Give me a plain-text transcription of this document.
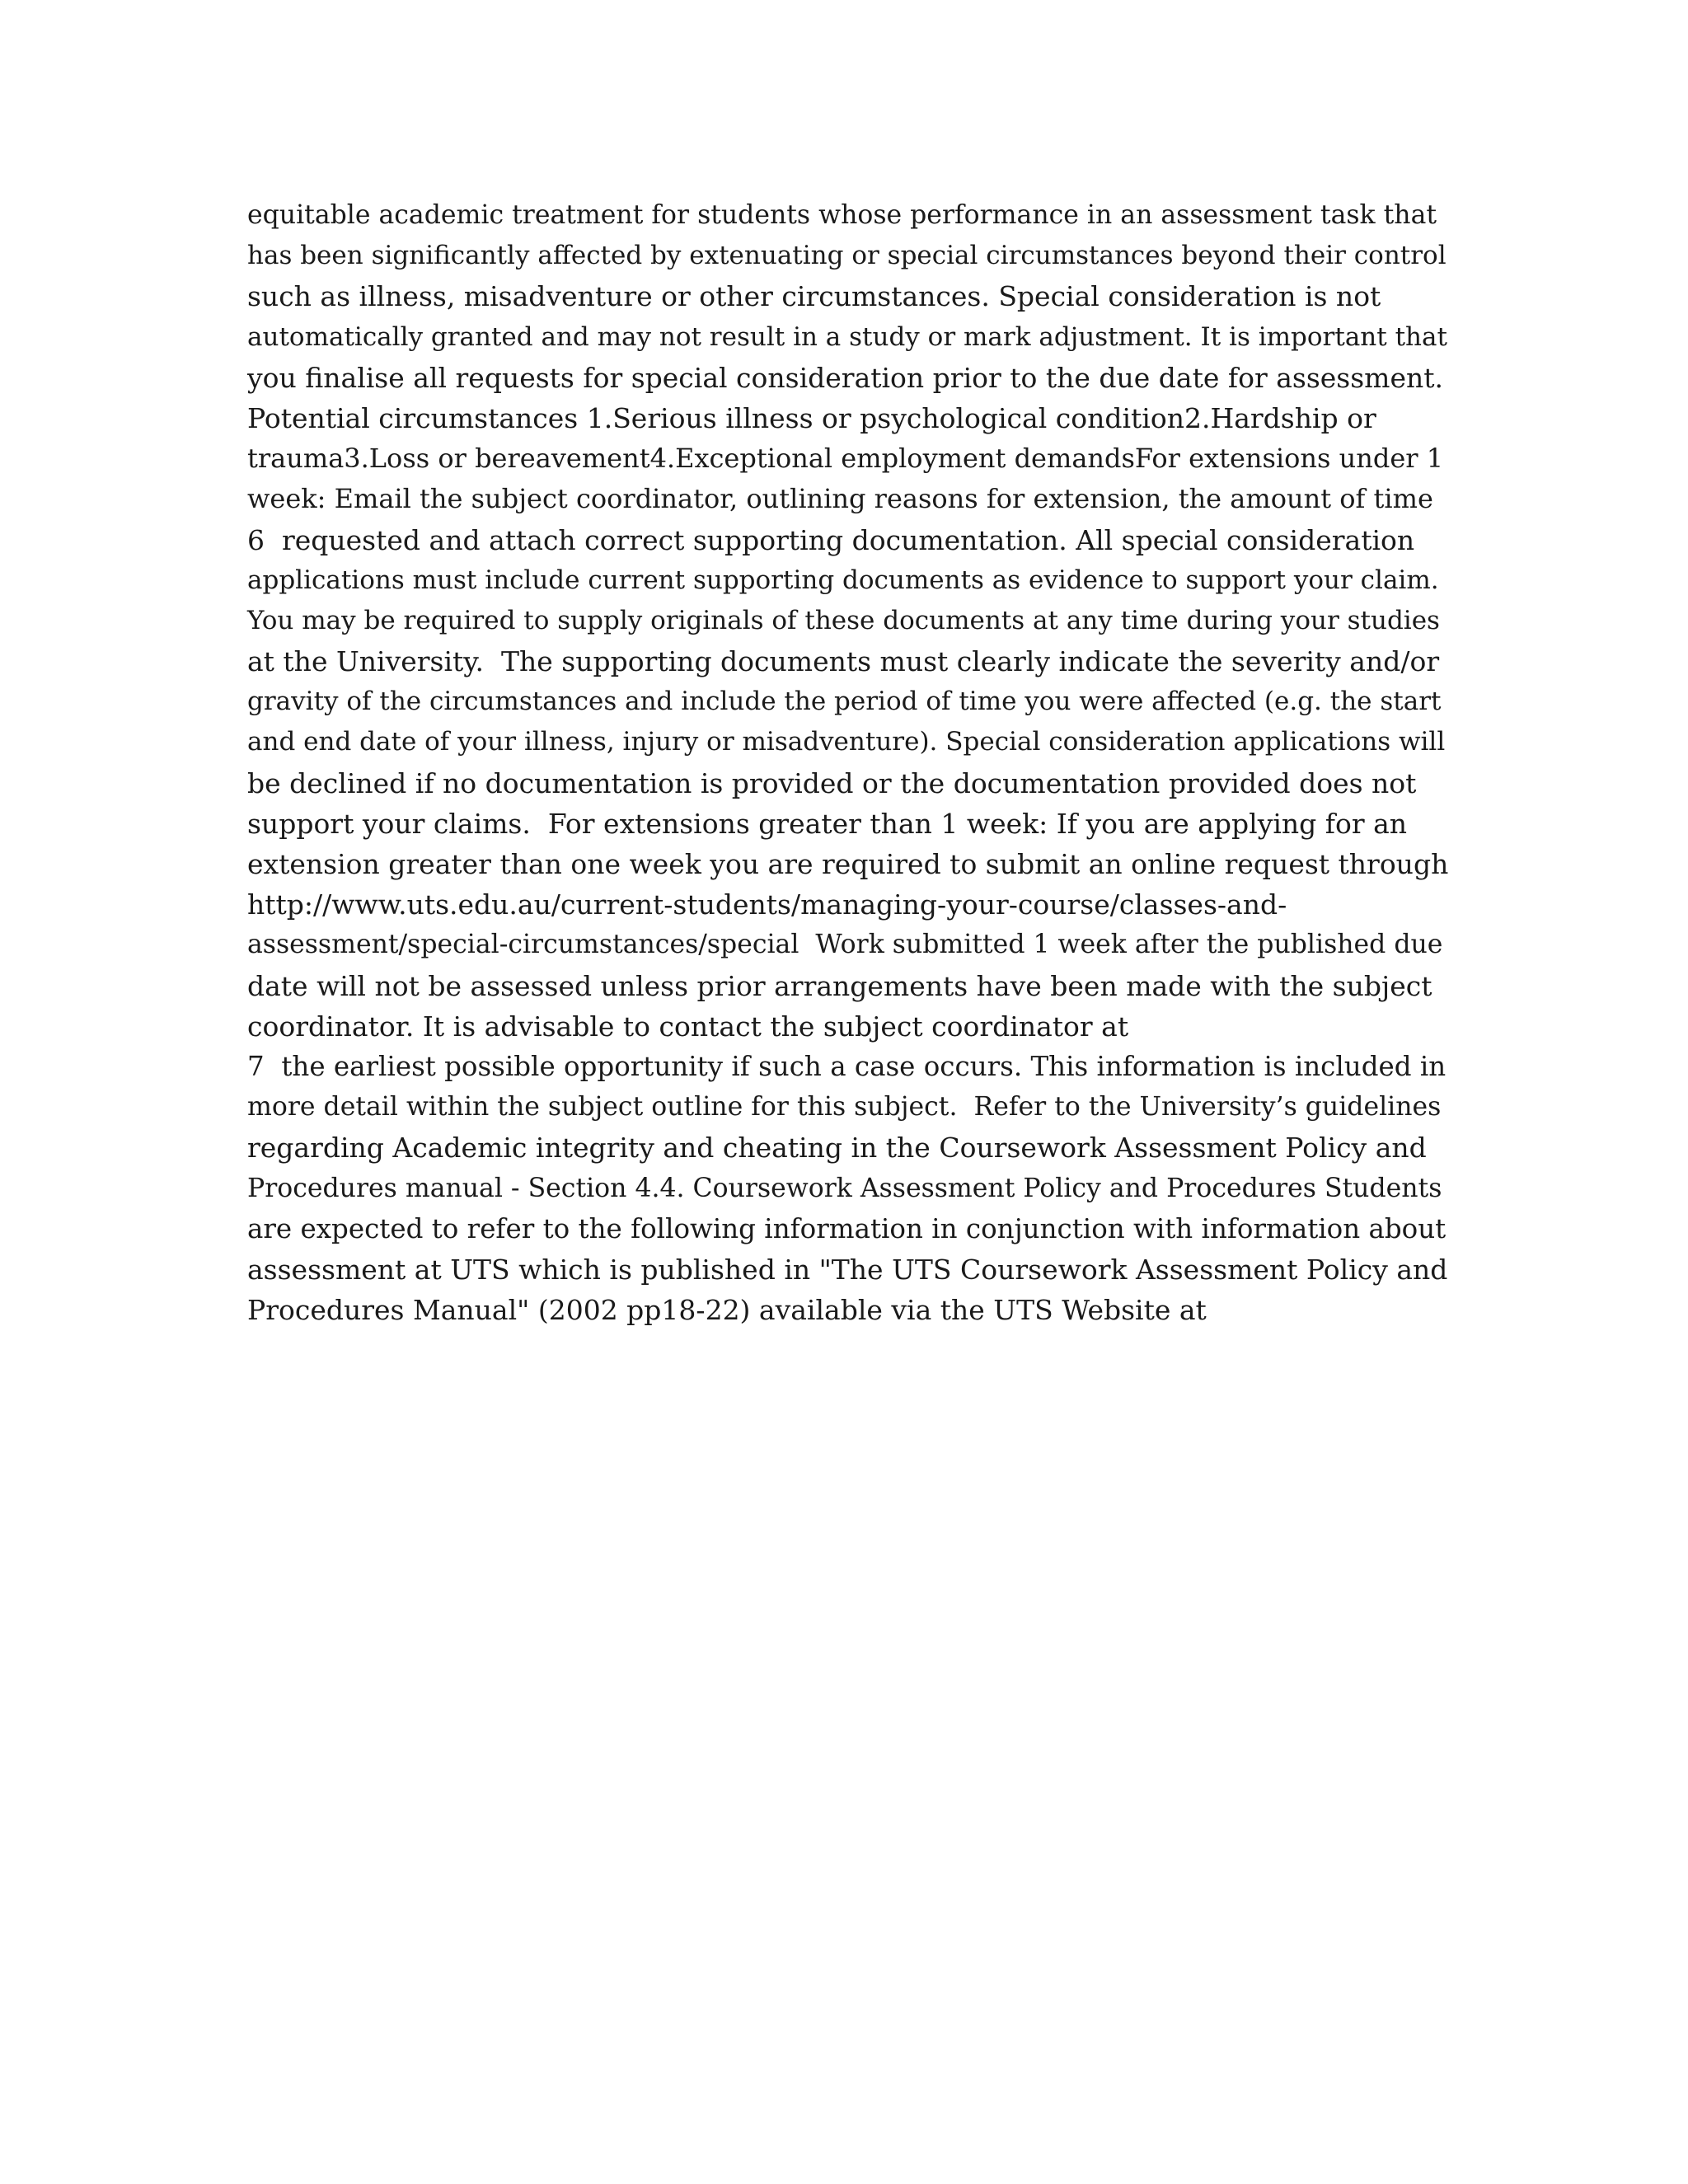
equitable academic treatment for students whose performance in an assessment task that
has been significantly affected by extenuating or special circumstances beyond their control
such as illness, misadventure or other circumstances. Special consideration is not
automatically granted and may not result in a study or mark adjustment. It is important that
you finalise all requests for special consideration prior to the due date for assessment.
Potential circumstances 1.Serious illness or psychological condition2.Hardship or
trauma3.Loss or bereavement4.Exceptional employment demandsFor extensions under 1
week: Email the subject coordinator, outlining reasons for extension, the amount of time
6  requested and attach correct supporting documentation. All special consideration
applications must include current supporting documents as evidence to support your claim.
You may be required to supply originals of these documents at any time during your studies
at the University.  The supporting documents must clearly indicate the severity and/or
gravity of the circumstances and include the period of time you were affected (e.g. the start
and end date of your illness, injury or misadventure). Special consideration applications will
be declined if no documentation is provided or the documentation provided does not
support your claims.  For extensions greater than 1 week: If you are applying for an
extension greater than one week you are required to submit an online request through
http://www.uts.edu.au/current-students/managing-your-course/classes-and-
assessment/special-circumstances/special  Work submitted 1 week after the published due
date will not be assessed unless prior arrangements have been made with the subject
coordinator. It is advisable to contact the subject coordinator at
7  the earliest possible opportunity if such a case occurs. This information is included in
more detail within the subject outline for this subject.  Refer to the University’s guidelines
regarding Academic integrity and cheating in the Coursework Assessment Policy and
Procedures manual - Section 4.4. Coursework Assessment Policy and Procedures Students
are expected to refer to the following information in conjunction with information about
assessment at UTS which is published in "The UTS Coursework Assessment Policy and
Procedures Manual" (2002 pp18-22) available via the UTS Website at
